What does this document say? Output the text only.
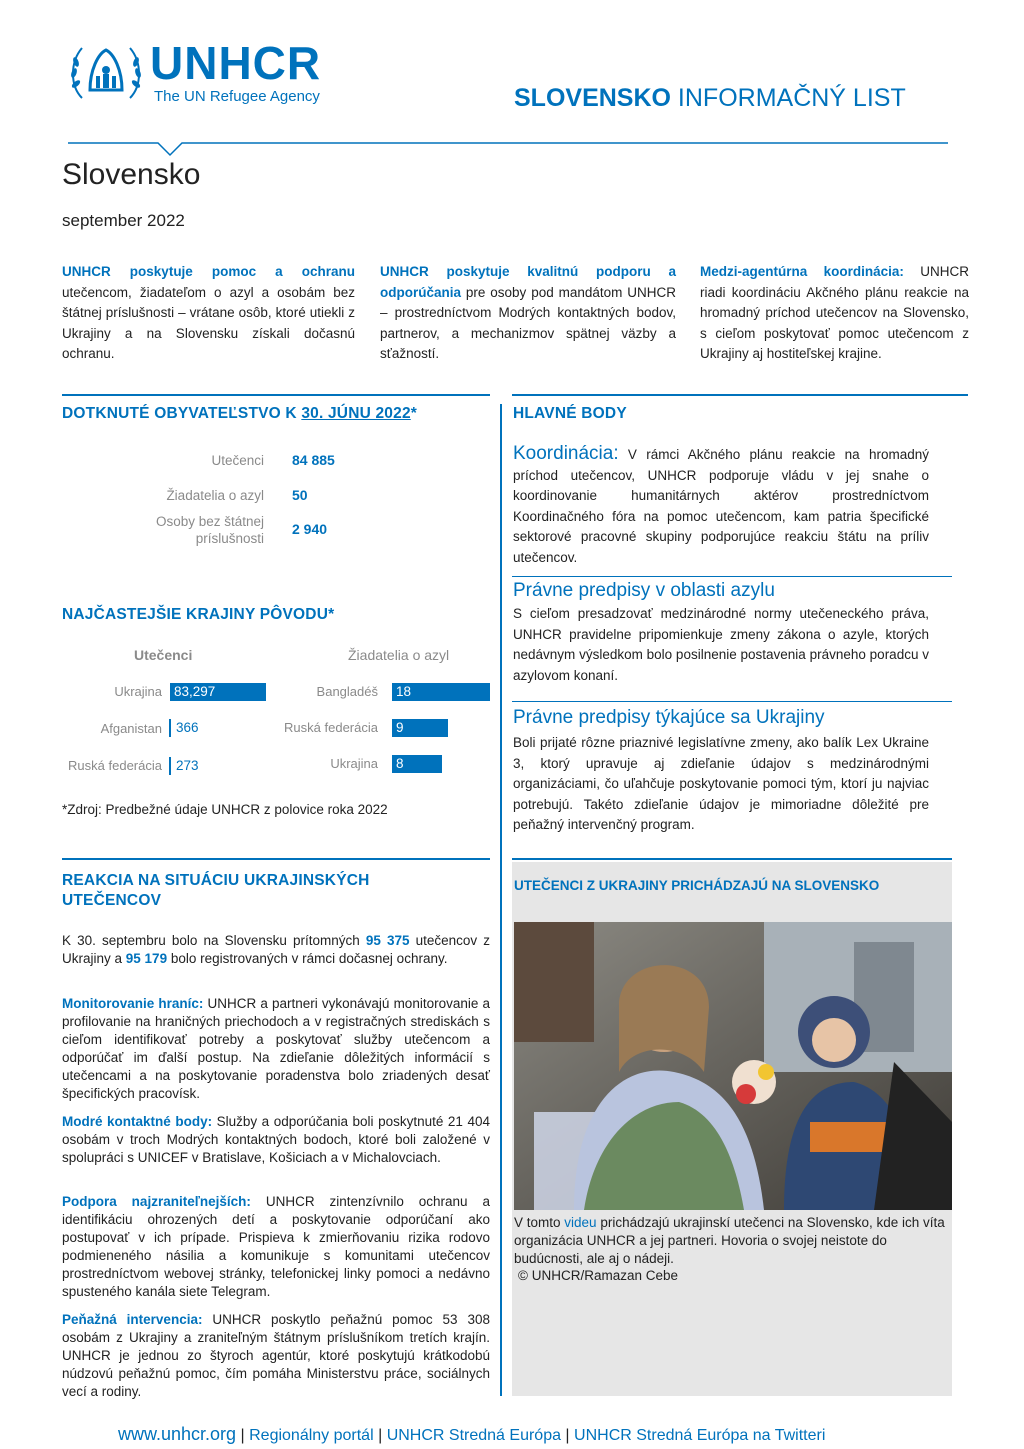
UNHCR
The UN Refugee Agency	SLOVENSKO INFORMAČNÝ LIST
Slovensko
september 2022
UNHCR poskytuje pomoc a ochranu utečencom, žiadateľom o azyl a osobám bez štátnej príslušnosti – vrátane osôb, ktoré utiekli z Ukrajiny a na Slovensku získali dočasnú ochranu.
UNHCR poskytuje kvalitnú podporu a odporúčania pre osoby pod mandátom UNHCR – prostredníctvom Modrých kontaktných bodov, partnerov, a mechanizmov spätnej väzby a sťažností.
Medzi-agentúrna koordinácia: UNHCR riadi koordináciu Akčného plánu reakcie na hromadný príchod utečencov na Slovensko, s cieľom poskytovať pomoc utečencom z Ukrajiny aj hostiteľskej krajine.
DOTKNUTÉ OBYVATEĽSTVO K 30. JÚNU 2022*
Utečenci 84 885
Žiadatelia o azyl 50
Osoby bez štátnej príslušnosti
2 940
NAJČASTEJŠIE KRAJINY PÔVODU*
Utečenci	Žiadatelia o azyl
Ukrajina 83,297
Afganistan	366
Ruská federácia	273
Bangladéš 18
Ruská federácia 9
Ukrajina 8
*Zdroj: Predbežné údaje UNHCR z polovice roka 2022
REAKCIA NA SITUÁCIU UKRAJINSKÝCH UTEČENCOV
K 30. septembru bolo na Slovensku prítomných 95 375 utečencov z Ukrajiny a 95 179 bolo registrovaných v rámci dočasnej ochrany.
Monitorovanie hraníc: UNHCR a partneri vykonávajú monitorovanie a profilovanie na hraničných priechodoch a v registračných strediskách s cieľom identifikovať potreby a poskytovať služby utečencom a odporúčať im ďalší postup. Na zdieľanie dôležitých informácií s utečencami a na poskytovanie poradenstva bolo zriadených desať špecifických pracovísk.
Modré kontaktné body: Služby a odporúčania boli poskytnuté 21 404 osobám v troch Modrých kontaktných bodoch, ktoré boli založené v spolupráci s UNICEF v Bratislave, Košiciach a v Michalovciach.
Podpora najzraniteľnejších: UNHCR zintenzívnilo ochranu a identifikáciu ohrozených detí a poskytovanie odporúčaní ako postupovať v ich prípade. Prispieva k zmierňovaniu rizika rodovo podmieneného násilia a komunikuje s komunitami utečencov prostredníctvom webovej stránky, telefonickej linky pomoci a nedávno spusteného kanála siete Telegram.
Peňažná intervencia: UNHCR poskytlo peňažnú pomoc 53 308 osobám z Ukrajiny a zraniteľným štátnym príslušníkom tretích krajín. UNHCR je jednou zo štyroch agentúr, ktoré poskytujú krátkodobú núdzovú peňažnú pomoc, čím pomáha Ministerstvu práce, sociálnych vecí a rodiny.
HLAVNÉ BODY
Koordinácia: V rámci Akčného plánu reakcie na hromadný príchod utečencov, UNHCR podporuje vládu v jej snahe o koordinovanie humanitárnych aktérov prostredníctvom Koordinačného fóra na pomoc utečencom, kam patria špecifické sektorové pracovné skupiny podporujúce reakciu štátu na príliv utečencov.
Právne predpisy v oblasti azylu
S cieľom presadzovať medzinárodné normy utečeneckého práva, UNHCR pravidelne pripomienkuje zmeny zákona o azyle, ktorých nedávnym výsledkom bolo posilnenie postavenia právneho poradcu v azylovom konaní.
Právne predpisy týkajúce sa Ukrajiny
Boli prijaté rôzne priaznivé legislatívne zmeny, ako balík Lex Ukraine 3, ktorý upravuje aj zdieľanie údajov s medzinárodnými organizáciami, čo uľahčuje poskytovanie pomoci tým, ktorí ju najviac potrebujú. Takéto zdieľanie údajov je mimoriadne dôležité pre peňažný intervenčný program.
UTEČENCI Z UKRAJINY PRICHÁDZAJÚ NA SLOVENSKO
V tomto videu prichádzajú ukrajinskí utečenci na Slovensko, kde ich víta organizácia UNHCR a jej partneri. Hovoria o svojej neistote do budúcnosti, ale aj o nádeji.
© UNHCR/Ramazan Cebe
www.unhcr.org | Regionálny portál | UNHCR Stredná Európa | UNHCR Stredná Európa na Twitteri
